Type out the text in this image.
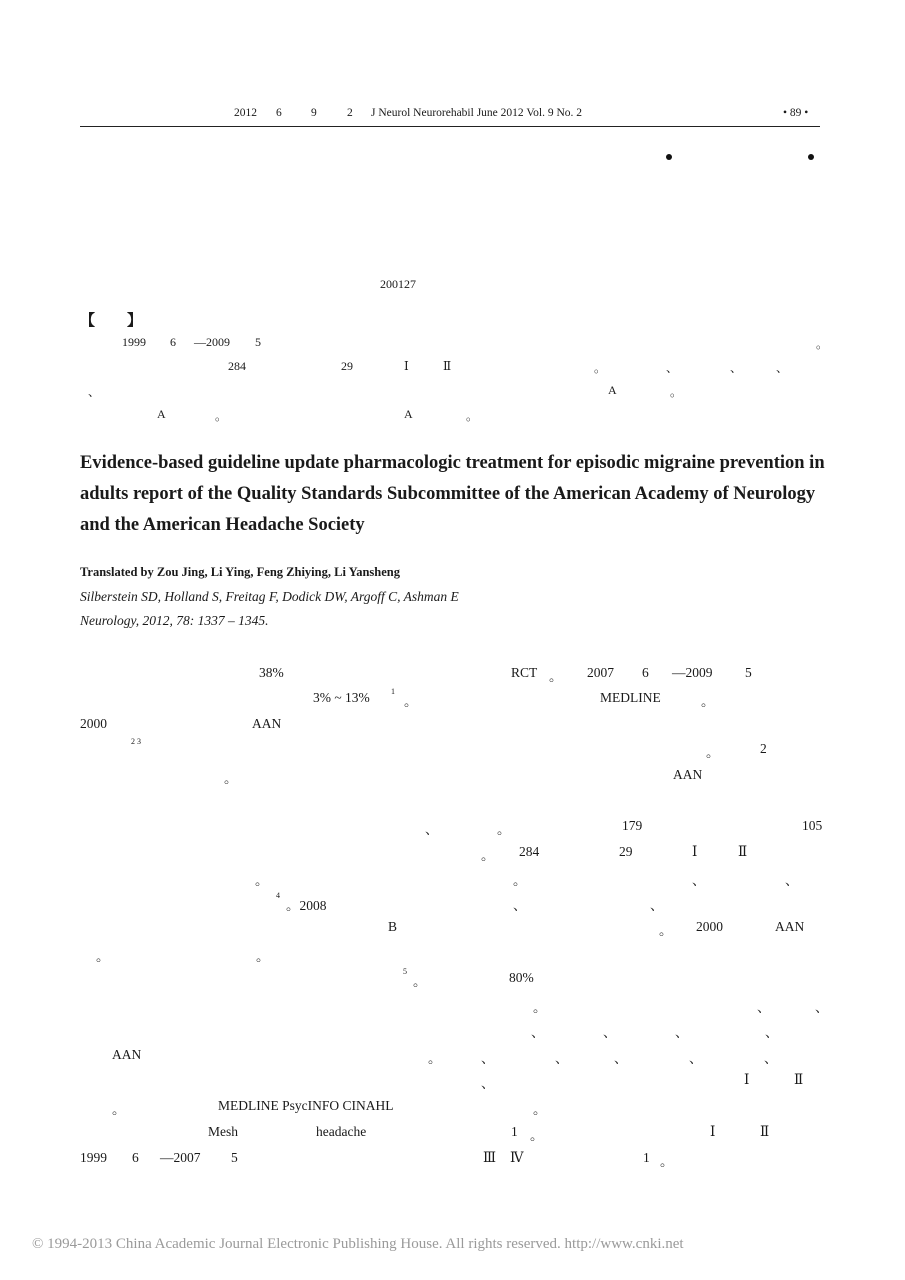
2012 6	9	2 J Neurol Neurorehabil June 2012 Vol. 9 No. 2	• 89 •
200127
【 】
1999 6 —2009 5	。
284	29	Ⅰ	Ⅱ	。	、	、	、
、	A	。
A	。	A	。
Evidence-based guideline update pharmacologic treatment for episodic migraine prevention in adults report of the Quality Standards Subcommittee of the American Academy of Neurology and the American Headache Society
Translated by Zou Jing, Li Ying, Feng Zhiying, Li Yansheng
Silberstein SD, Holland S, Freitag F, Dodick DW, Argoff C, Ashman E
Neurology, 2012, 78: 1337 – 1345.
38%
3% ~ 13%	1
。
2000	AAN
2 3
。
。
4
。2008
B
。	。
5
。
AAN	。
。	MEDLINE PsycINFO CINAHL
Mesh	headache
1999 6 —2007 5
RCT 。 2007 6 —2009 5
MEDLINE	。
。	2
AAN
、	。	179	105
。 284	29	Ⅰ	Ⅱ
。	、	、
、	、
。 2000	AAN
80%
。	、	、
、	、	、	、
、	、	、	、	、
、	Ⅰ	Ⅱ
。
1 。	Ⅰ	Ⅱ
Ⅲ Ⅳ	1 。
© 1994-2013 China Academic Journal Electronic Publishing House. All rights reserved. http://www.cnki.net
